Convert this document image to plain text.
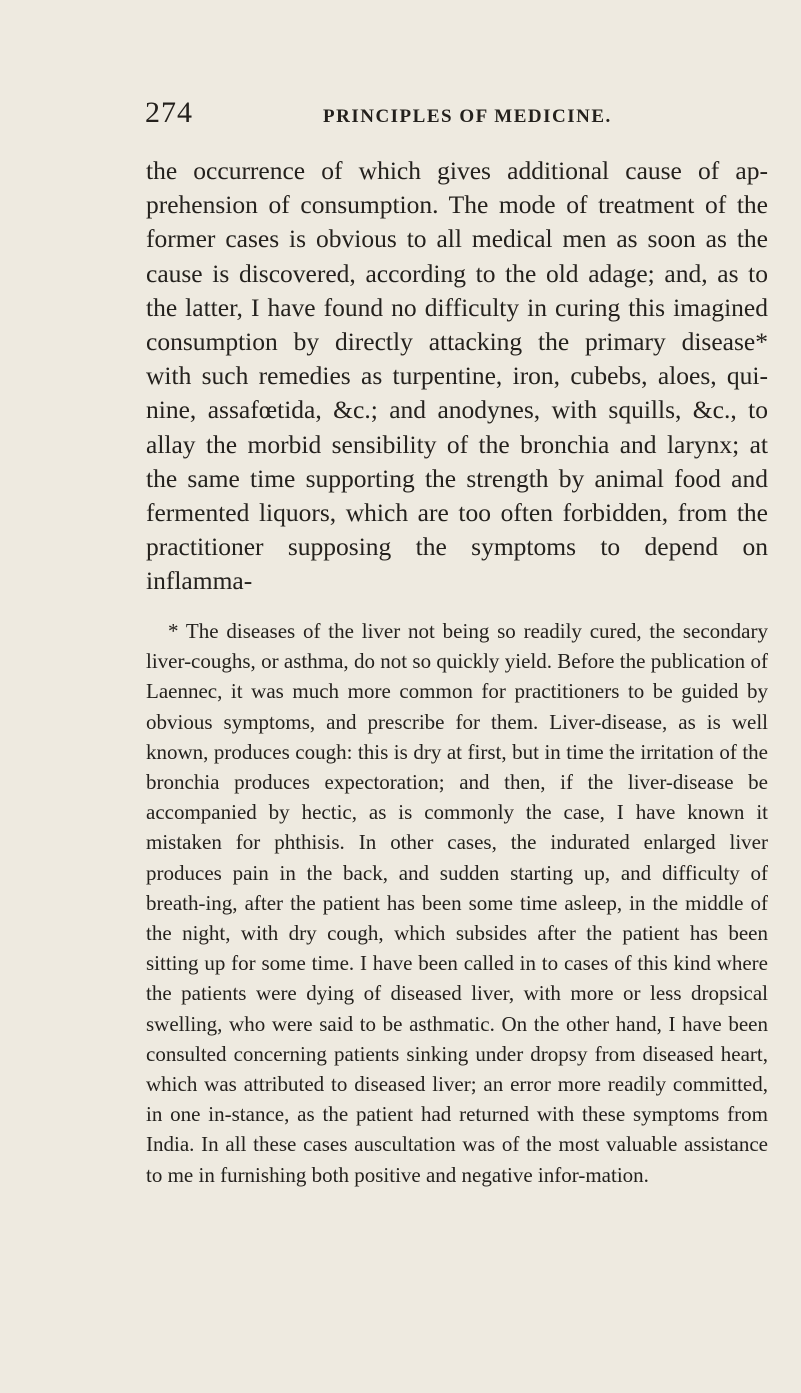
274	PRINCIPLES OF MEDICINE.

the occurrence of which gives additional cause of ap-prehension of consumption. The mode of treatment of the former cases is obvious to all medical men as soon as the cause is discovered, according to the old adage; and, as to the latter, I have found no difficulty in curing this imagined consumption by directly attacking the primary disease* with such remedies as turpentine, iron, cubebs, aloes, qui-nine, assafœtida, &c.; and anodynes, with squills, &c., to allay the morbid sensibility of the bronchia and larynx; at the same time supporting the strength by animal food and fermented liquors, which are too often forbidden, from the practitioner supposing the symptoms to depend on inflamma-

* The diseases of the liver not being so readily cured, the secondary liver-coughs, or asthma, do not so quickly yield. Before the publication of Laennec, it was much more common for practitioners to be guided by obvious symptoms, and prescribe for them. Liver-disease, as is well known, produces cough: this is dry at first, but in time the irritation of the bronchia produces expectoration; and then, if the liver-disease be accompanied by hectic, as is commonly the case, I have known it mistaken for phthisis. In other cases, the indurated enlarged liver produces pain in the back, and sudden starting up, and difficulty of breath-ing, after the patient has been some time asleep, in the middle of the night, with dry cough, which subsides after the patient has been sitting up for some time. I have been called in to cases of this kind where the patients were dying of diseased liver, with more or less dropsical swelling, who were said to be asthmatic. On the other hand, I have been consulted concerning patients sinking under dropsy from diseased heart, which was attributed to diseased liver; an error more readily committed, in one in-stance, as the patient had returned with these symptoms from India. In all these cases auscultation was of the most valuable assistance to me in furnishing both positive and negative infor-mation.
